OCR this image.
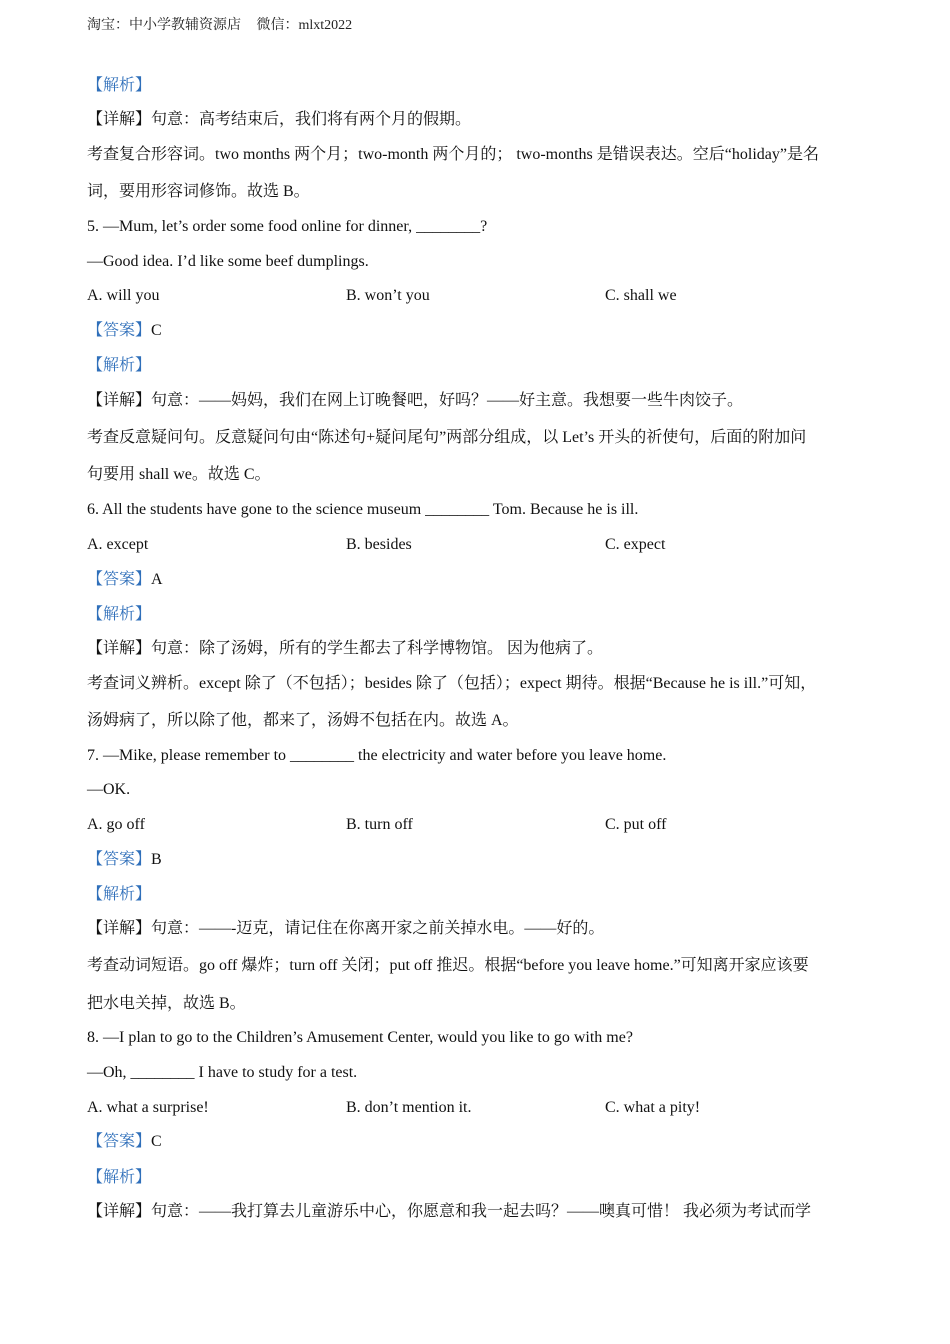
淘宝：中小学教辅资源店 微信：mlxt2022
【解析】
【详解】句意：高考结束后，我们将有两个月的假期。
考查复合形容词。two months 两个月；two-month 两个月的； two-months 是错误表达。空后“holiday”是名
词，要用形容词修饰。故选 B。
5. —Mum, let’s order some food online for dinner, ________?
—Good idea. I’d like some beef dumplings.
A. will you	B. won’t you	C. shall we
【答案】C
【解析】
【详解】句意：——妈妈，我们在网上订晚餐吧，好吗？——好主意。我想要一些牛肉饺子。
考查反意疑问句。反意疑问句由“陈述句+疑问尾句”两部分组成，以 Let’s 开头的祈使句，后面的附加问
句要用 shall we。故选 C。
6. All the students have gone to the science museum ________ Tom. Because he is ill.
A. except	B. besides	C. expect
【答案】A
【解析】
【详解】句意：除了汤姆，所有的学生都去了科学博物馆。 因为他病了。
考查词义辨析。except 除了（不包括）；besides 除了（包括）；expect 期待。根据“Because he is ill.”可知，
汤姆病了，所以除了他，都来了，汤姆不包括在内。故选 A。
7. —Mike, please remember to ________ the electricity and water before you leave home.
—OK.
A. go off	B. turn off	C. put off
【答案】B
【解析】
【详解】句意：——-迈克，请记住在你离开家之前关掉水电。——好的。
考查动词短语。go off 爆炸；turn off 关闭；put off 推迟。根据“before you leave home.”可知离开家应该要
把水电关掉，故选 B。
8. —I plan to go to the Children’s Amusement Center, would you like to go with me?
—Oh, ________ I have to study for a test.
A. what a surprise!	B. don’t mention it.	C. what a pity!
【答案】C
【解析】
【详解】句意：——我打算去儿童游乐中心，你愿意和我一起去吗？——噢真可惜！ 我必须为考试而学
